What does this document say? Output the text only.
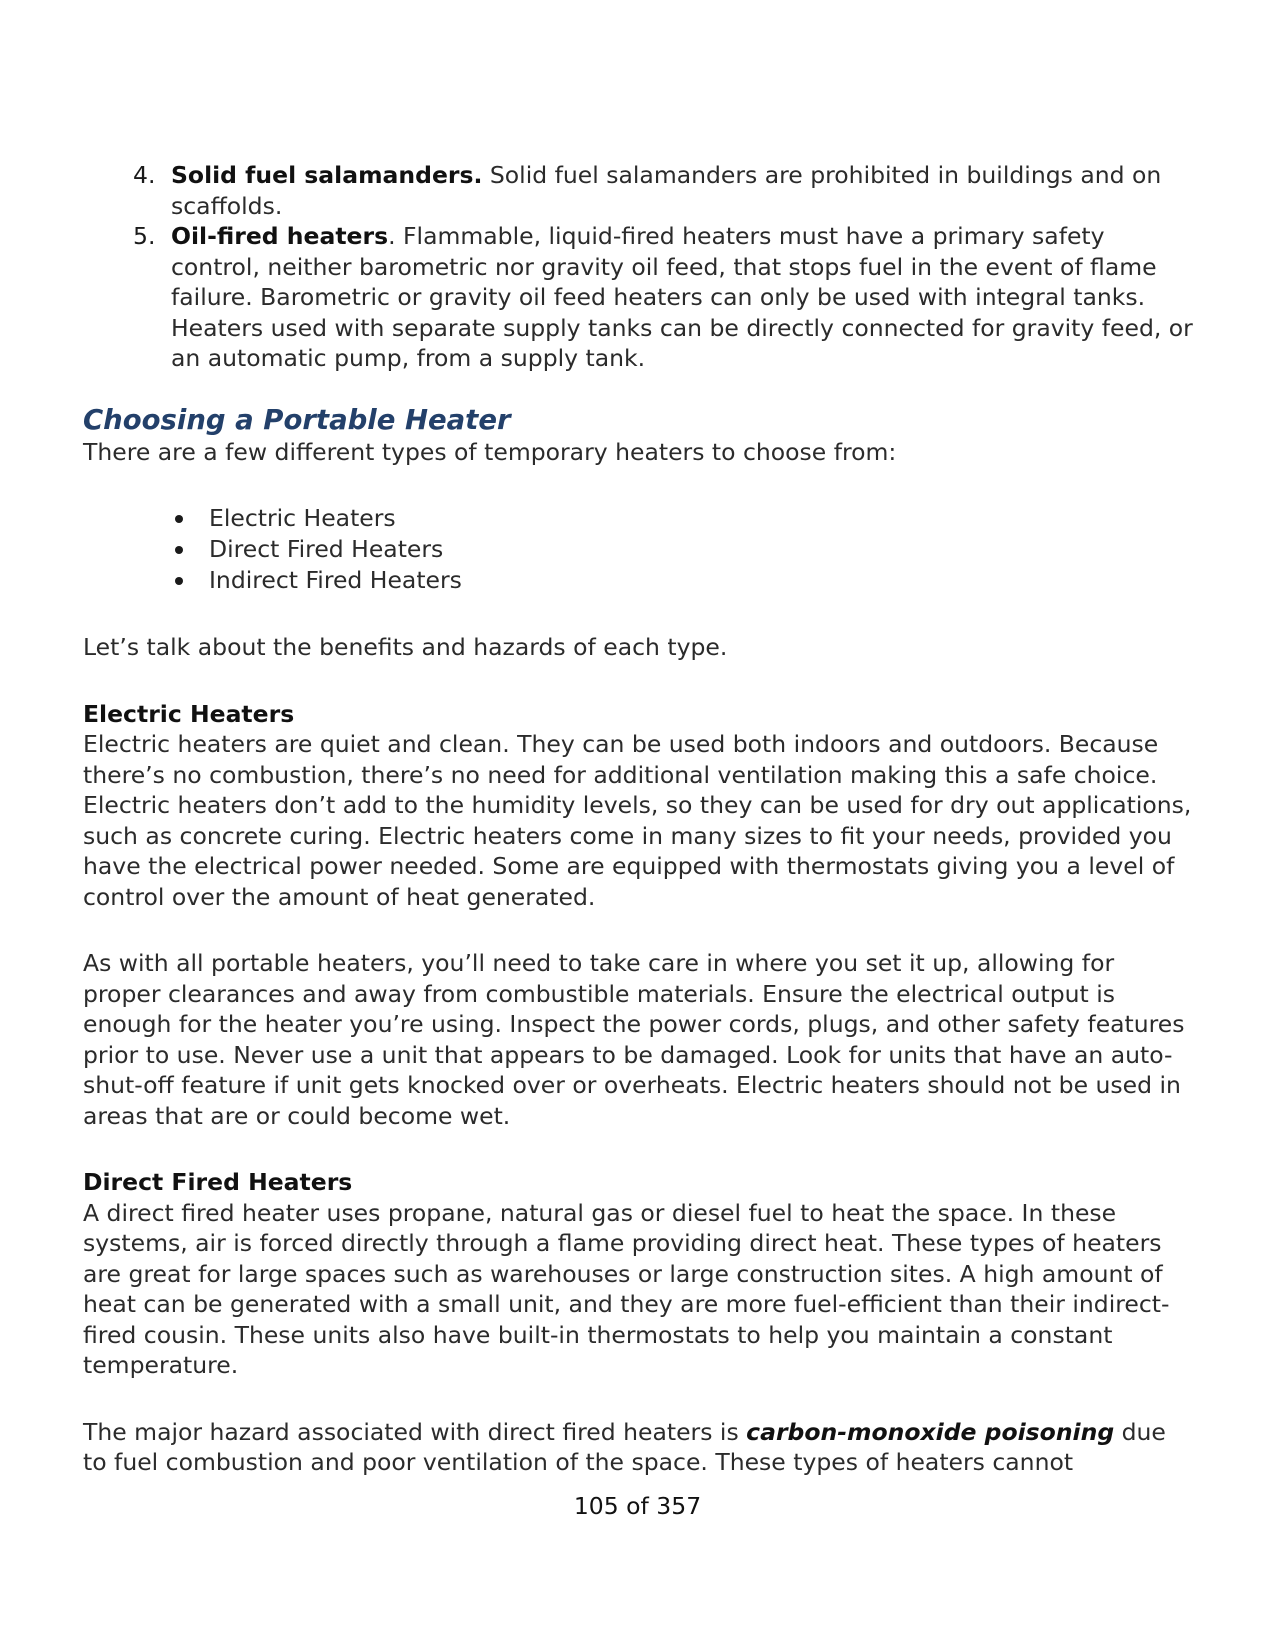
4. Solid fuel salamanders. Solid fuel salamanders are prohibited in buildings and on scaffolds.
5. Oil-fired heaters. Flammable, liquid-fired heaters must have a primary safety control, neither barometric nor gravity oil feed, that stops fuel in the event of flame failure. Barometric or gravity oil feed heaters can only be used with integral tanks. Heaters used with separate supply tanks can be directly connected for gravity feed, or an automatic pump, from a supply tank.
Choosing a Portable Heater

There are a few different types of temporary heaters to choose from:

Electric Heaters
Direct Fired Heaters
Indirect Fired Heaters

Let’s talk about the benefits and hazards of each type.

Electric Heaters

Electric heaters are quiet and clean. They can be used both indoors and outdoors. Because there’s no combustion, there’s no need for additional ventilation making this a safe choice. Electric heaters don’t add to the humidity levels, so they can be used for dry out applications, such as concrete curing. Electric heaters come in many sizes to fit your needs, provided you have the electrical power needed. Some are equipped with thermostats giving you a level of control over the amount of heat generated.

As with all portable heaters, you’ll need to take care in where you set it up, allowing for proper clearances and away from combustible materials. Ensure the electrical output is enough for the heater you’re using. Inspect the power cords, plugs, and other safety features prior to use. Never use a unit that appears to be damaged. Look for units that have an auto-shut-off feature if unit gets knocked over or overheats. Electric heaters should not be used in areas that are or could become wet.

Direct Fired Heaters

A direct fired heater uses propane, natural gas or diesel fuel to heat the space. In these systems, air is forced directly through a flame providing direct heat. These types of heaters are great for large spaces such as warehouses or large construction sites. A high amount of heat can be generated with a small unit, and they are more fuel-efficient than their indirect-fired cousin. These units also have built-in thermostats to help you maintain a constant temperature.

The major hazard associated with direct fired heaters is carbon-monoxide poisoning due to fuel combustion and poor ventilation of the space. These types of heaters cannot

105 of 357
